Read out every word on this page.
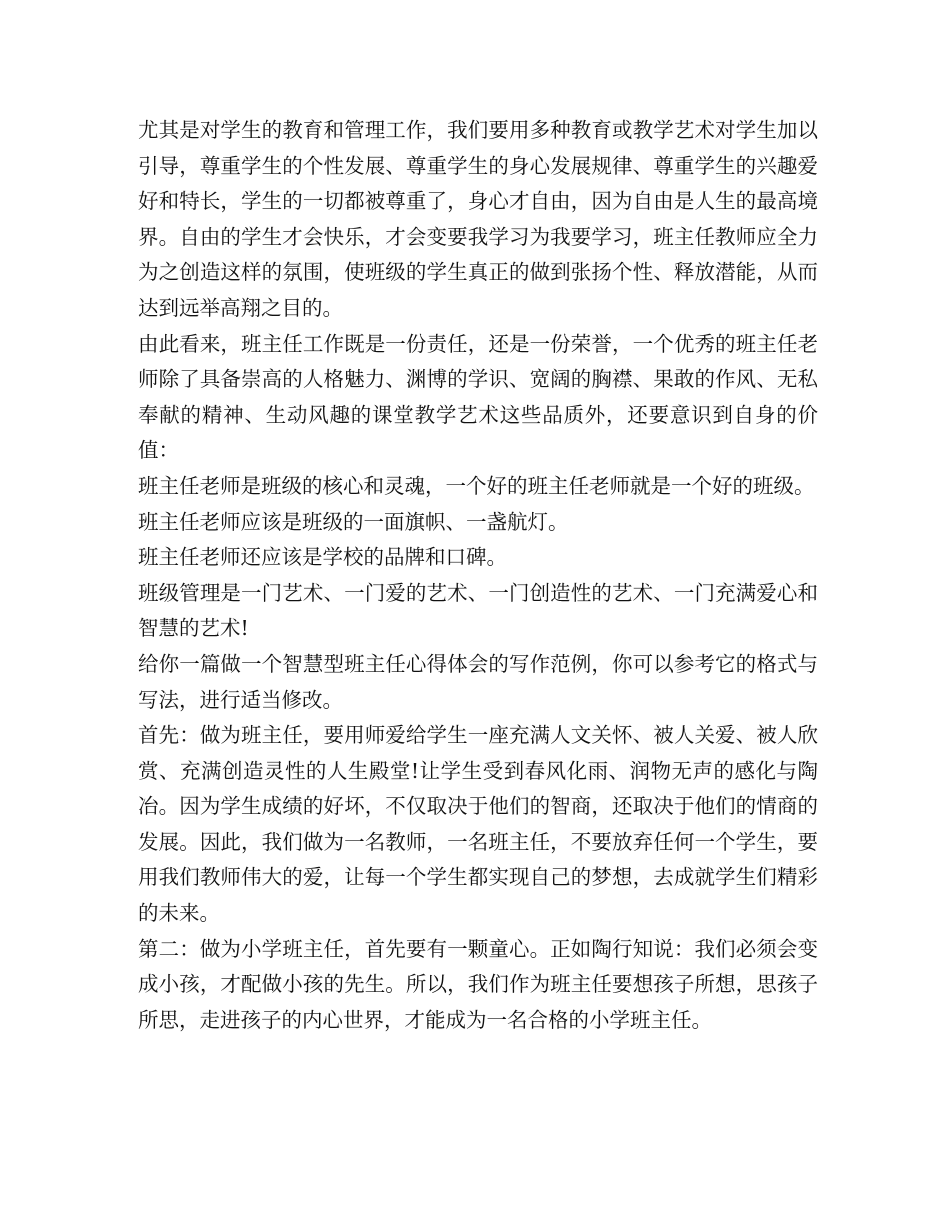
尤其是对学生的教育和管理工作，我们要用多种教育或教学艺术对学生加以引导，尊重学生的个性发展、尊重学生的身心发展规律、尊重学生的兴趣爱好和特长，学生的一切都被尊重了，身心才自由，因为自由是人生的最高境界。自由的学生才会快乐，才会变要我学习为我要学习，班主任教师应全力为之创造这样的氛围，使班级的学生真正的做到张扬个性、释放潜能，从而达到远举高翔之目的。

由此看来，班主任工作既是一份责任，还是一份荣誉，一个优秀的班主任老师除了具备崇高的人格魅力、渊博的学识、宽阔的胸襟、果敢的作风、无私奉献的精神、生动风趣的课堂教学艺术这些品质外，还要意识到自身的价值：

班主任老师是班级的核心和灵魂，一个好的班主任老师就是一个好的班级。

班主任老师应该是班级的一面旗帜、一盏航灯。

班主任老师还应该是学校的品牌和口碑。

班级管理是一门艺术、一门爱的艺术、一门创造性的艺术、一门充满爱心和智慧的艺术!

给你一篇做一个智慧型班主任心得体会的写作范例，你可以参考它的格式与写法，进行适当修改。

首先：做为班主任，要用师爱给学生一座充满人文关怀、被人关爱、被人欣赏、充满创造灵性的人生殿堂!让学生受到春风化雨、润物无声的感化与陶冶。因为学生成绩的好坏，不仅取决于他们的智商，还取决于他们的情商的发展。因此，我们做为一名教师，一名班主任，不要放弃任何一个学生，要用我们教师伟大的爱，让每一个学生都实现自己的梦想，去成就学生们精彩的未来。

第二：做为小学班主任，首先要有一颗童心。正如陶行知说：我们必须会变成小孩，才配做小孩的先生。所以，我们作为班主任要想孩子所想，思孩子所思，走进孩子的内心世界，才能成为一名合格的小学班主任。
